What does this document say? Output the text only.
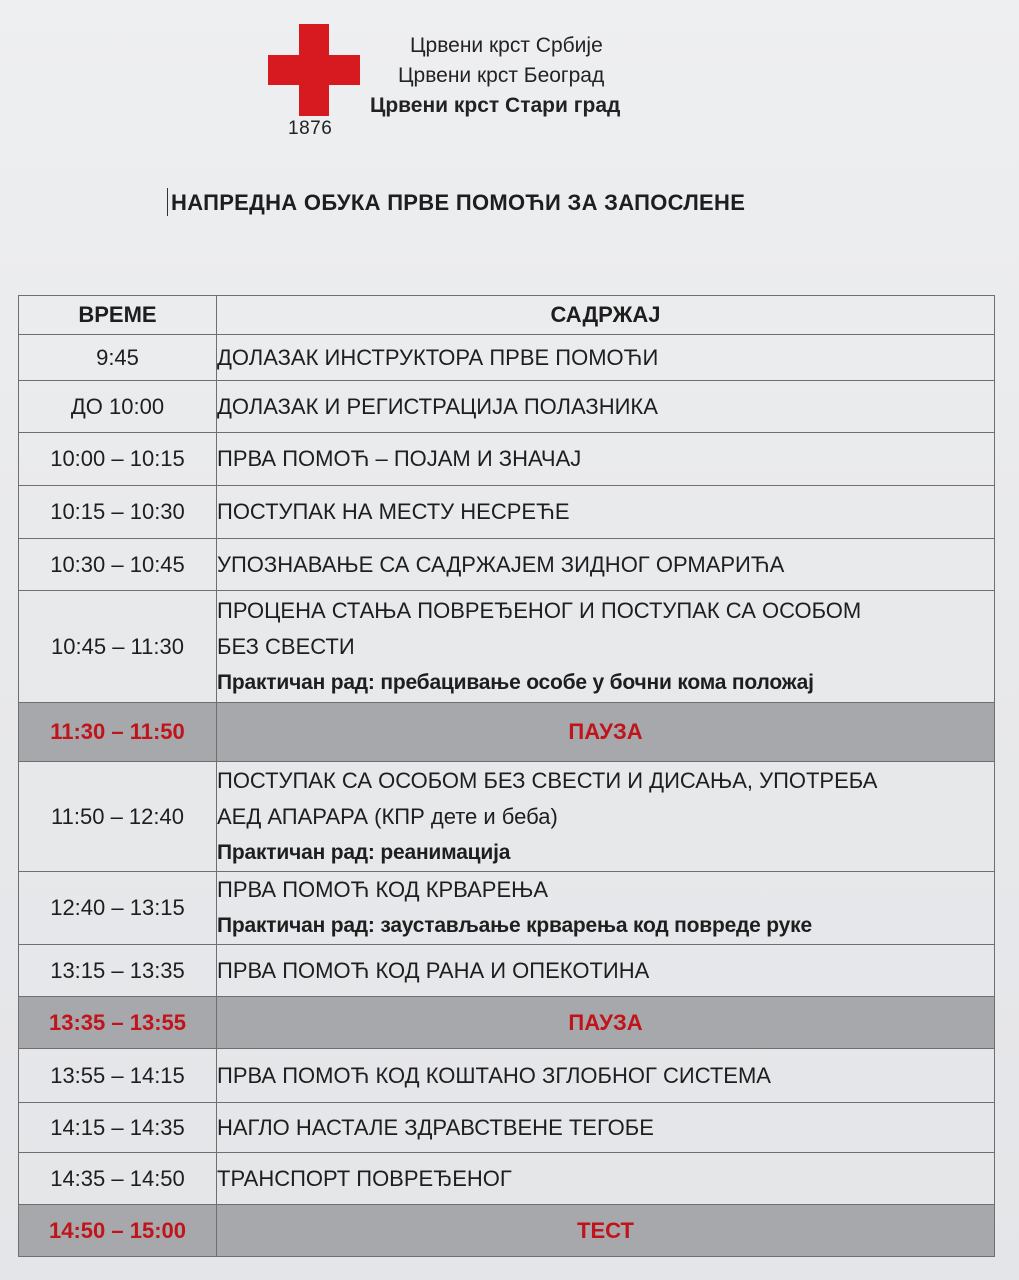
1876
Црвени крст Србије
Црвени крст Београд
Црвени крст Стари град
НАПРЕДНА ОБУКА ПРВЕ ПОМОЋИ ЗА ЗАПОСЛЕНЕ
ВРЕМЕ	САДРЖАЈ
9:45	ДОЛАЗАК ИНСТРУКТОРА ПРВЕ ПОМОЋИ
ДО 10:00	ДОЛАЗАК И РЕГИСТРАЦИЈА ПОЛАЗНИКА
10:00 – 10:15	ПРВА ПОМОЋ – ПОЈАМ И ЗНАЧАЈ
10:15 – 10:30	ПОСТУПАК НА МЕСТУ НЕСРЕЋЕ
10:30 – 10:45	УПОЗНАВАЊЕ СА САДРЖАЈЕМ ЗИДНОГ ОРМАРИЋА
10:45 – 11:30	ПРОЦЕНА СТАЊА ПОВРЕЂЕНОГ И ПОСТУПАК СА ОСОБОМ
БЕЗ СВЕСТИ
Практичан рад: пребацивање особе у бочни кома положај

11:30 – 11:50	ПАУЗА
11:50 – 12:40	ПОСТУПАК СА ОСОБОМ БЕЗ СВЕСТИ И ДИСАЊА, УПОТРЕБА
АЕД АПАРАРА (КПР дете и беба)
Практичан рад: реанимација

12:40 – 13:15	ПРВА ПОМОЋ КОД КРВАРЕЊА
Практичан рад: заустављање крварења код повреде руке

13:15 – 13:35	ПРВА ПОМОЋ КОД РАНА И ОПЕКОТИНА
13:35 – 13:55	ПАУЗА
13:55 – 14:15	ПРВА ПОМОЋ КОД КОШТАНО ЗГЛОБНОГ СИСТЕМА
14:15 – 14:35	НАГЛО НАСТАЛЕ ЗДРАВСТВЕНЕ ТЕГОБЕ
14:35 – 14:50	ТРАНСПОРТ ПОВРЕЂЕНОГ
14:50 – 15:00	ТЕСТ
